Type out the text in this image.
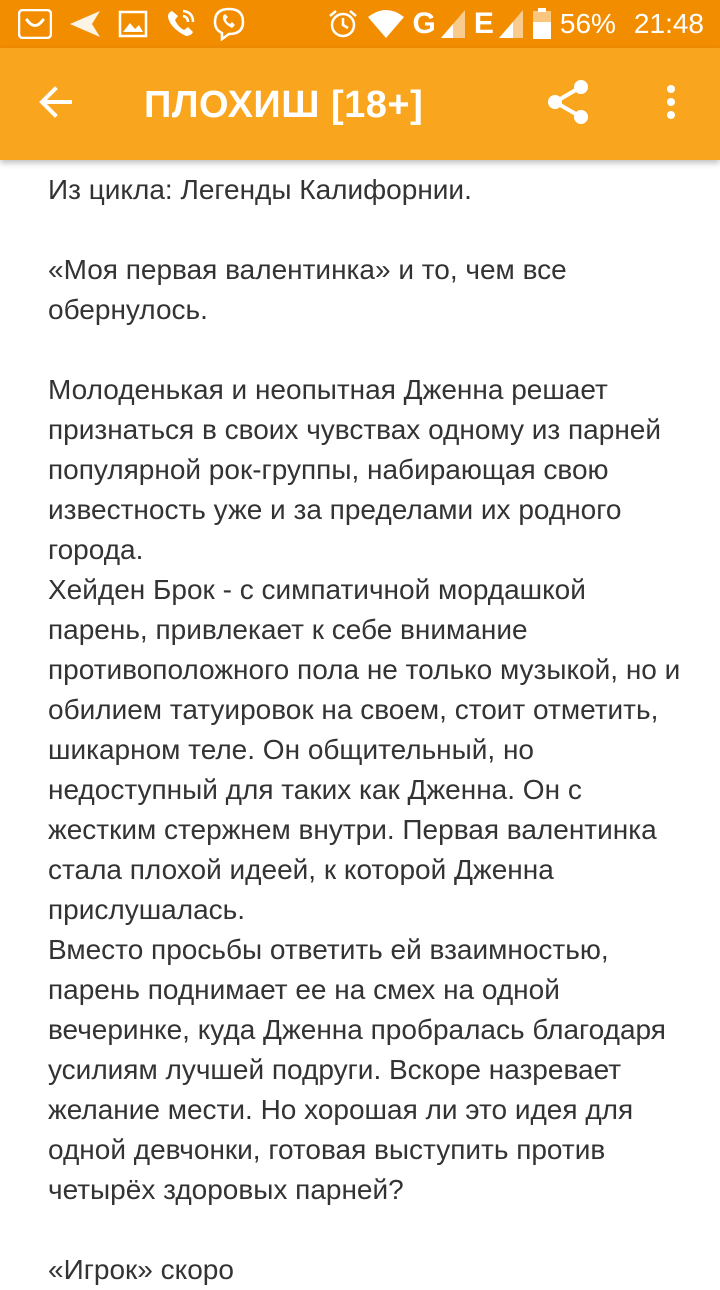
G E 56% 21:48
ПЛОХИШ [18+]

Из цикла: Легенды Калифорнии.

«Моя первая валентинка» и то, чем все обернулось.

Молоденькая и неопытная Дженна решает признаться в своих чувствах одному из парней популярной рок-группы, набирающая свою известность уже и за пределами их родного города.

Хейден Брок - с симпатичной мордашкой парень, привлекает к себе внимание противоположного пола не только музыкой, но и обилием татуировок на своем, стоит отметить, шикарном теле. Он общительный, но недоступный для таких как Дженна. Он с жестким стержнем внутри. Первая валентинка стала плохой идеей, к которой Дженна прислушалась.

Вместо просьбы ответить ей взаимностью, парень поднимает ее на смех на одной вечеринке, куда Дженна пробралась благодаря усилиям лучшей подруги. Вскоре назревает желание мести. Но хорошая ли это идея для одной девчонки, готовая выступить против четырёх здоровых парней?

«Игрок» скоро
